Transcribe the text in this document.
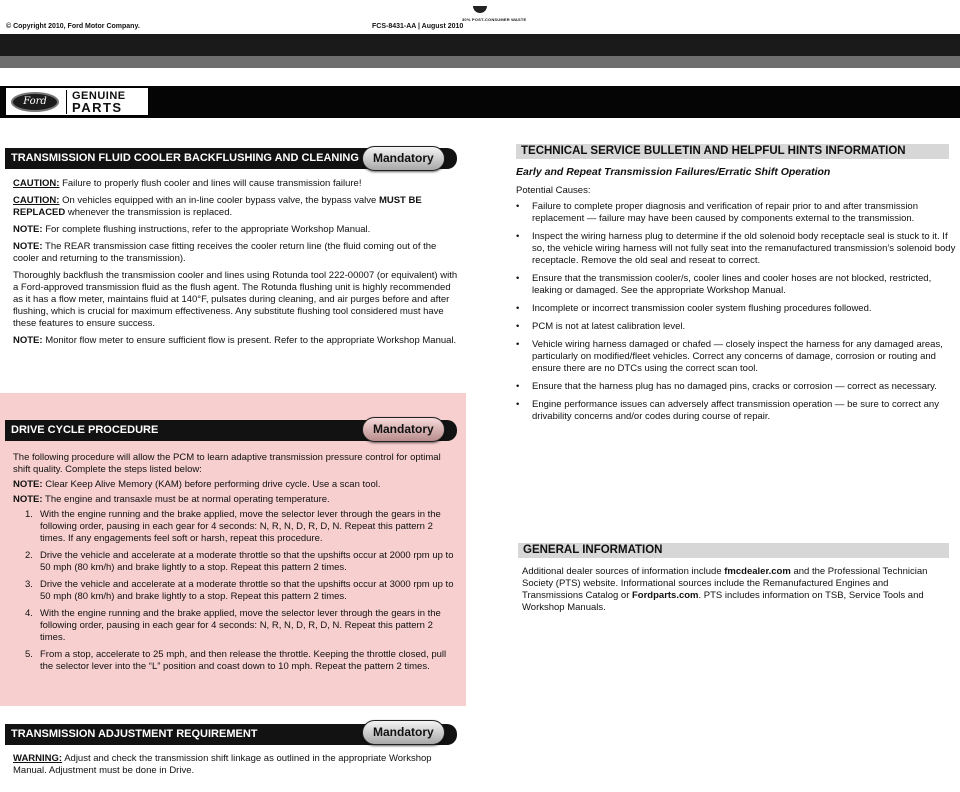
30% POST-CONSUMER WASTE
© Copyright 2010, Ford Motor Company.	FCS-8431-AA | August 2010
Ford	GENUINE
PARTS
TRANSMISSION FLUID COOLER BACKFLUSHING AND CLEANING	Mandatory

CAUTION: Failure to properly flush cooler and lines will cause transmission failure!

CAUTION: On vehicles equipped with an in-line cooler bypass valve, the bypass valve MUST BE REPLACED whenever the transmission is replaced.

NOTE: For complete flushing instructions, refer to the appropriate Workshop Manual.

NOTE: The REAR transmission case fitting receives the cooler return line (the fluid coming out of the cooler and returning to the transmission).

Thoroughly backflush the transmission cooler and lines using Rotunda tool 222-00007 (or equivalent) with a Ford-approved transmission fluid as the flush agent. The Rotunda flushing unit is highly recommended as it has a flow meter, maintains fluid at 140°F, pulsates during cleaning, and air purges before and after flushing, which is crucial for maximum effectiveness. Any substitute flushing tool considered must have these features to ensure success.

NOTE: Monitor flow meter to ensure sufficient flow is present. Refer to the appropriate Workshop Manual.

DRIVE CYCLE PROCEDURE	Mandatory

The following procedure will allow the PCM to learn adaptive transmission pressure control for optimal shift quality. Complete the steps listed below:

NOTE: Clear Keep Alive Memory (KAM) before performing drive cycle. Use a scan tool.

NOTE: The engine and transaxle must be at normal operating temperature.

1. With the engine running and the brake applied, move the selector lever through the gears in the following order, pausing in each gear for 4 seconds: N, R, N, D, R, D, N. Repeat this pattern 2 times. If any engagements feel soft or harsh, repeat this procedure.
2. Drive the vehicle and accelerate at a moderate throttle so that the upshifts occur at 2000 rpm up to 50 mph (80 km/h) and brake lightly to a stop. Repeat this pattern 2 times.
3. Drive the vehicle and accelerate at a moderate throttle so that the upshifts occur at 3000 rpm up to 50 mph (80 km/h) and brake lightly to a stop. Repeat this pattern 2 times.
4. With the engine running and the brake applied, move the selector lever through the gears in the following order, pausing in each gear for 4 seconds: N, R, N, D, R, D, N. Repeat this pattern 2 times.
5. From a stop, accelerate to 25 mph, and then release the throttle. Keeping the throttle closed, pull the selector lever into the “L” position and coast down to 10 mph. Repeat the pattern 2 times.
TRANSMISSION ADJUSTMENT REQUIREMENT	Mandatory
WARNING: Adjust and check the transmission shift linkage as outlined in the appropriate Workshop Manual. Adjustment must be done in Drive.
TECHNICAL SERVICE BULLETIN AND HELPFUL HINTS INFORMATION
Early and Repeat Transmission Failures/Erratic Shift Operation
Potential Causes:
•	Failure to complete proper diagnosis and verification of repair prior to and after transmission replacement — failure may have been caused by components external to the transmission.
•	Inspect the wiring harness plug to determine if the old solenoid body receptacle seal is stuck to it. If so, the vehicle wiring harness will not fully seat into the remanufactured transmission’s solenoid body receptacle. Remove the old seal and reseat to correct.
•	Ensure that the transmission cooler/s, cooler lines and cooler hoses are not blocked, restricted, leaking or damaged. See the appropriate Workshop Manual.
•	Incomplete or incorrect transmission cooler system flushing procedures followed.
•	PCM is not at latest calibration level.
•	Vehicle wiring harness damaged or chafed — closely inspect the harness for any damaged areas, particularly on modified/fleet vehicles. Correct any concerns of damage, corrosion or routing and ensure there are no DTCs using the correct scan tool.
•	Ensure that the harness plug has no damaged pins, cracks or corrosion — correct as necessary.
•	Engine performance issues can adversely affect transmission operation — be sure to correct any drivability concerns and/or codes during course of repair.
GENERAL INFORMATION
Additional dealer sources of information include fmcdealer.com and the Professional Technician Society (PTS) website. Informational sources include the Remanufactured Engines and Transmissions Catalog or Fordparts.com. PTS includes information on TSB, Service Tools and Workshop Manuals.
